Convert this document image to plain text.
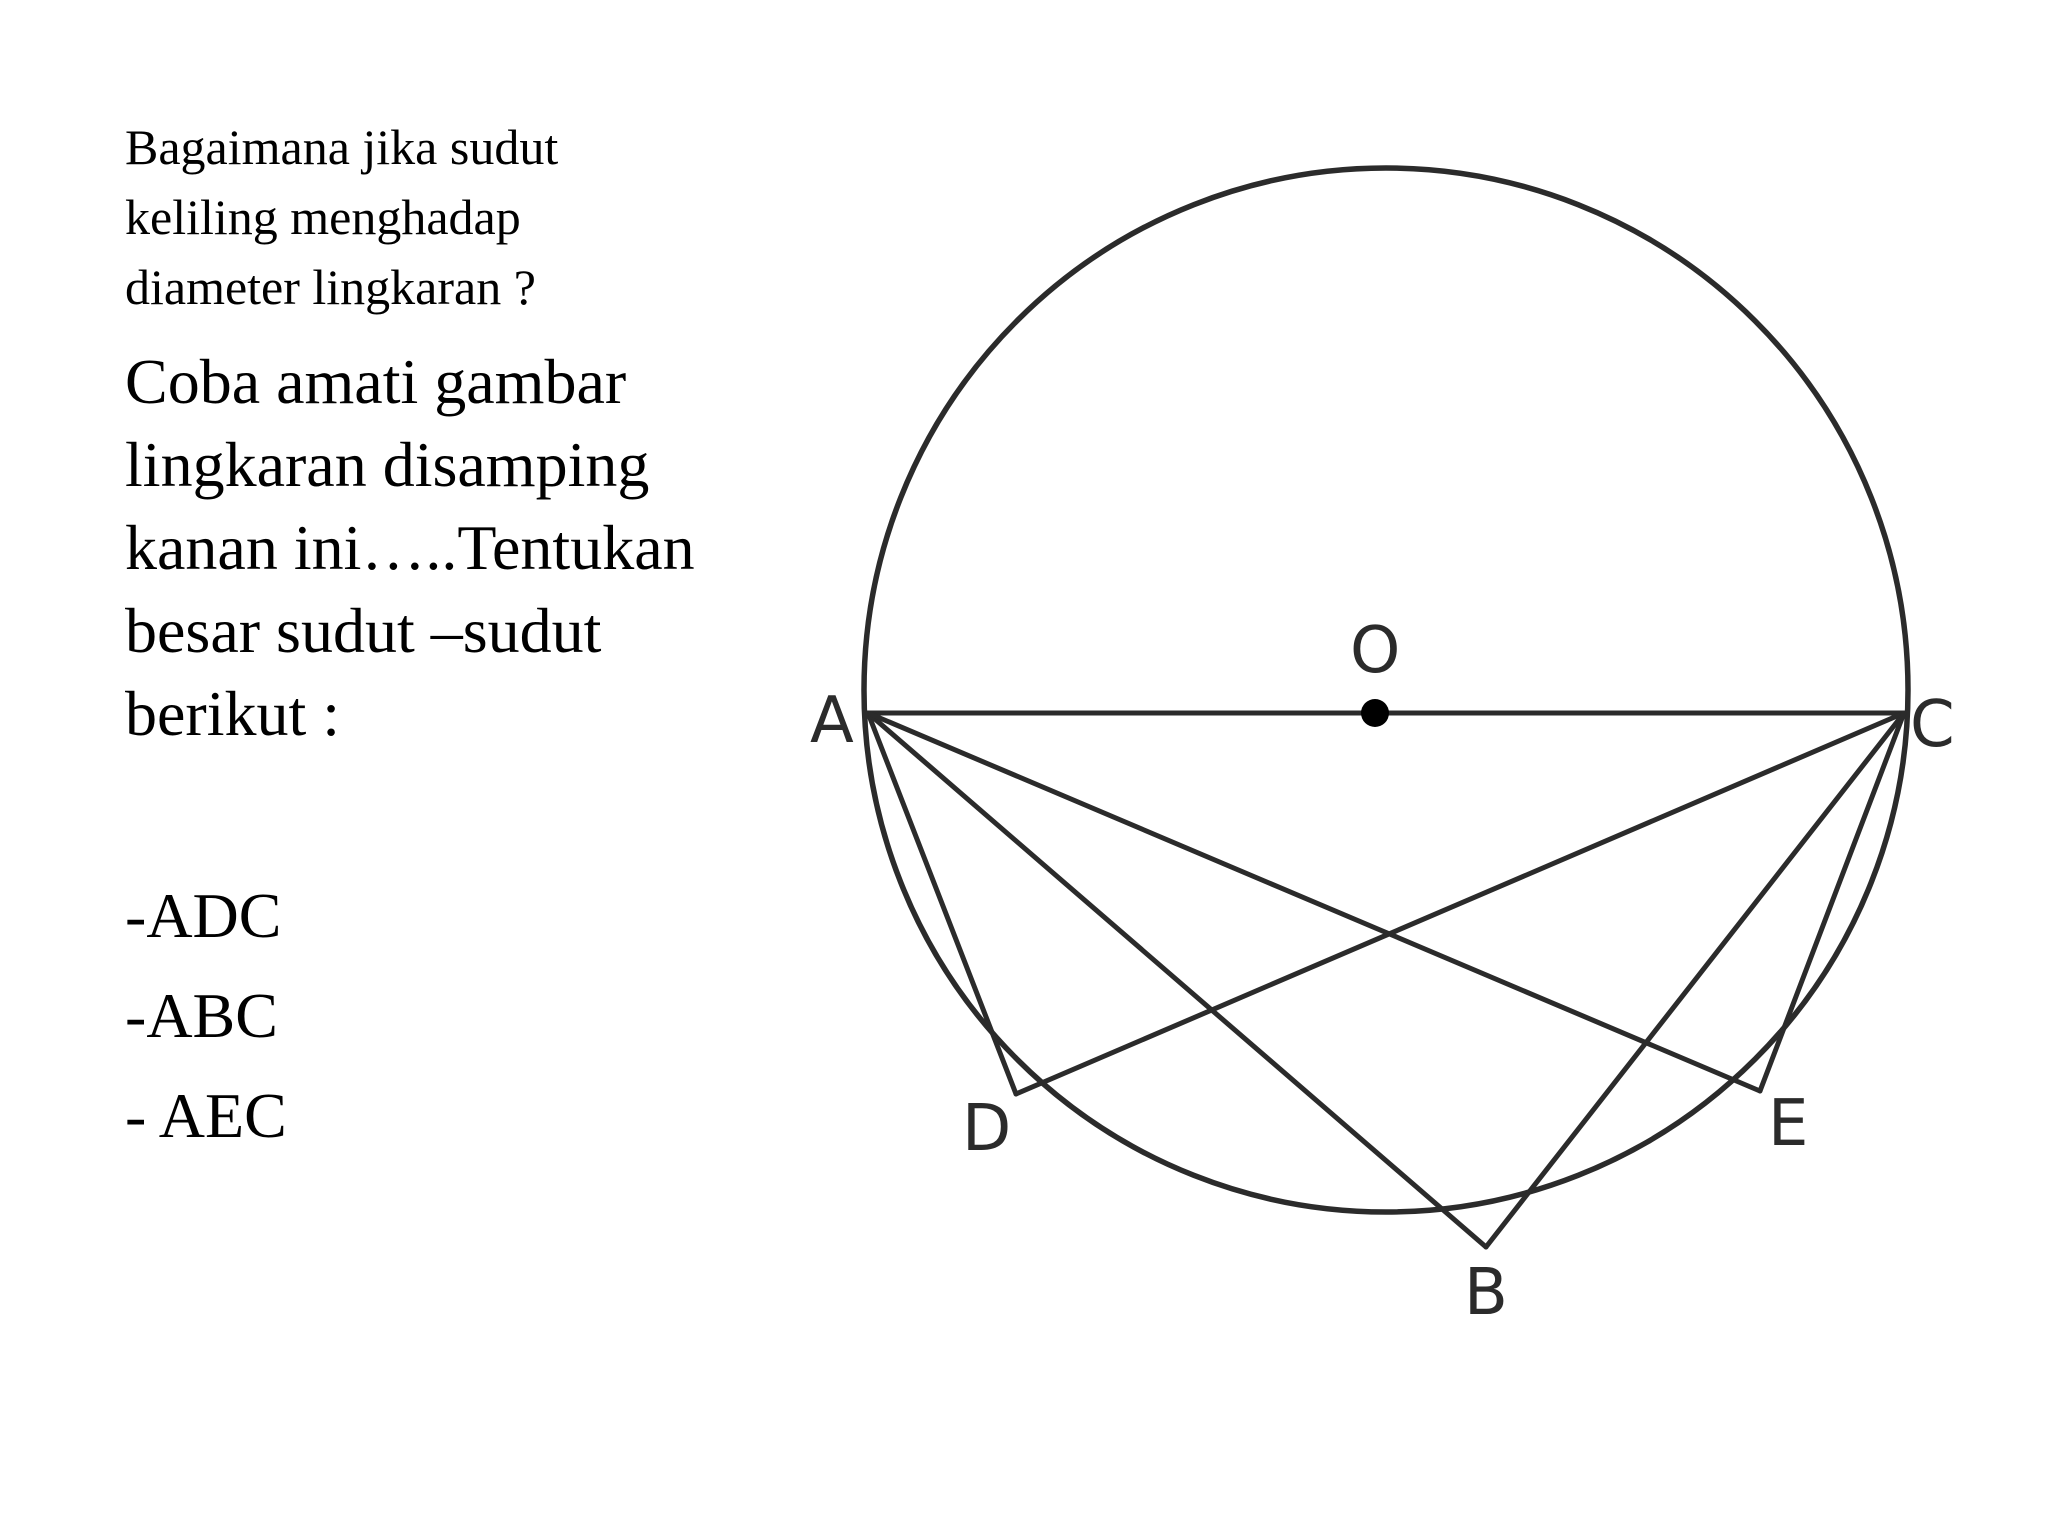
Bagaimana jika sudut
keliling menghadap
diameter lingkaran ?
Coba amati gambar
lingkaran disamping
kanan ini…..Tentukan
besar sudut –sudut
berikut :
-ADC
-ABC
- AEC
O
A	C
D	E
B
